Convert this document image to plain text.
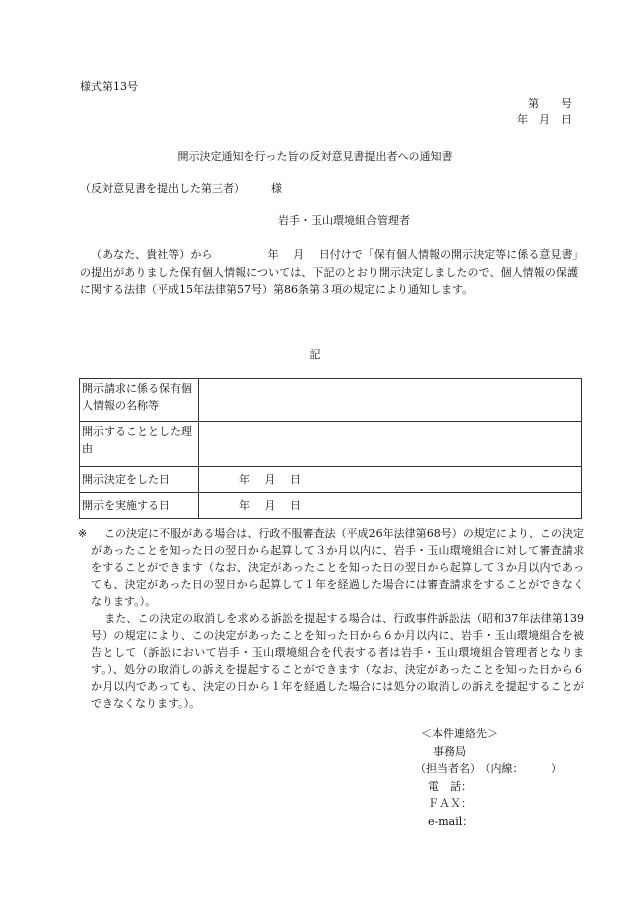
様式第13号
第　　号
年　月　日
開示決定通知を行った旨の反対意見書提出者への通知書
（反対意見書を提出した第三者） 様
岩手・玉山環境組合管理者
（あなた、貴社等）から　　　　　年　 月　 日付けで「保有個人情報の開示決定等に係る意見書」の提出がありました保有個人情報については、下記のとおり開示決定しましたので、個人情報の保護に関する法律（平成15年法律第57号）第86条第３項の規定により通知します。
記
開示請求に係る保有個人情報の名称等	
開示することとした理由	
開示決定をした日	年　 月　 日
開示を実施する日	年　 月　 日
※	この決定に不服がある場合は、行政不服審査法（平成26年法律第68号）の規定により、この決定があったことを知った日の翌日から起算して３か月以内に、岩手・玉山環境組合に対して審査請求をすることができます（なお、決定があったことを知った日の翌日から起算して３か月以内であっても、決定があった日の翌日から起算して１年を経過した場合には審査請求をすることができなくなります。）。

また、この決定の取消しを求める訴訟を提起する場合は、行政事件訴訟法（昭和37年法律第139号）の規定により、この決定があったことを知った日から６か月以内に、岩手・玉山環境組合を被告として（訴訟において岩手・玉山環境組合を代表する者は岩手・玉山環境組合管理者となります。）、処分の取消しの訴えを提起することができます（なお、決定があったことを知った日から６か月以内であっても、決定の日から１年を経過した場合には処分の取消しの訴えを提起することができなくなります。）。

＜本件連絡先＞
事務局
（担当者名） （内線：　　　）
電　話：
ＦＡＸ：
e-mail：
